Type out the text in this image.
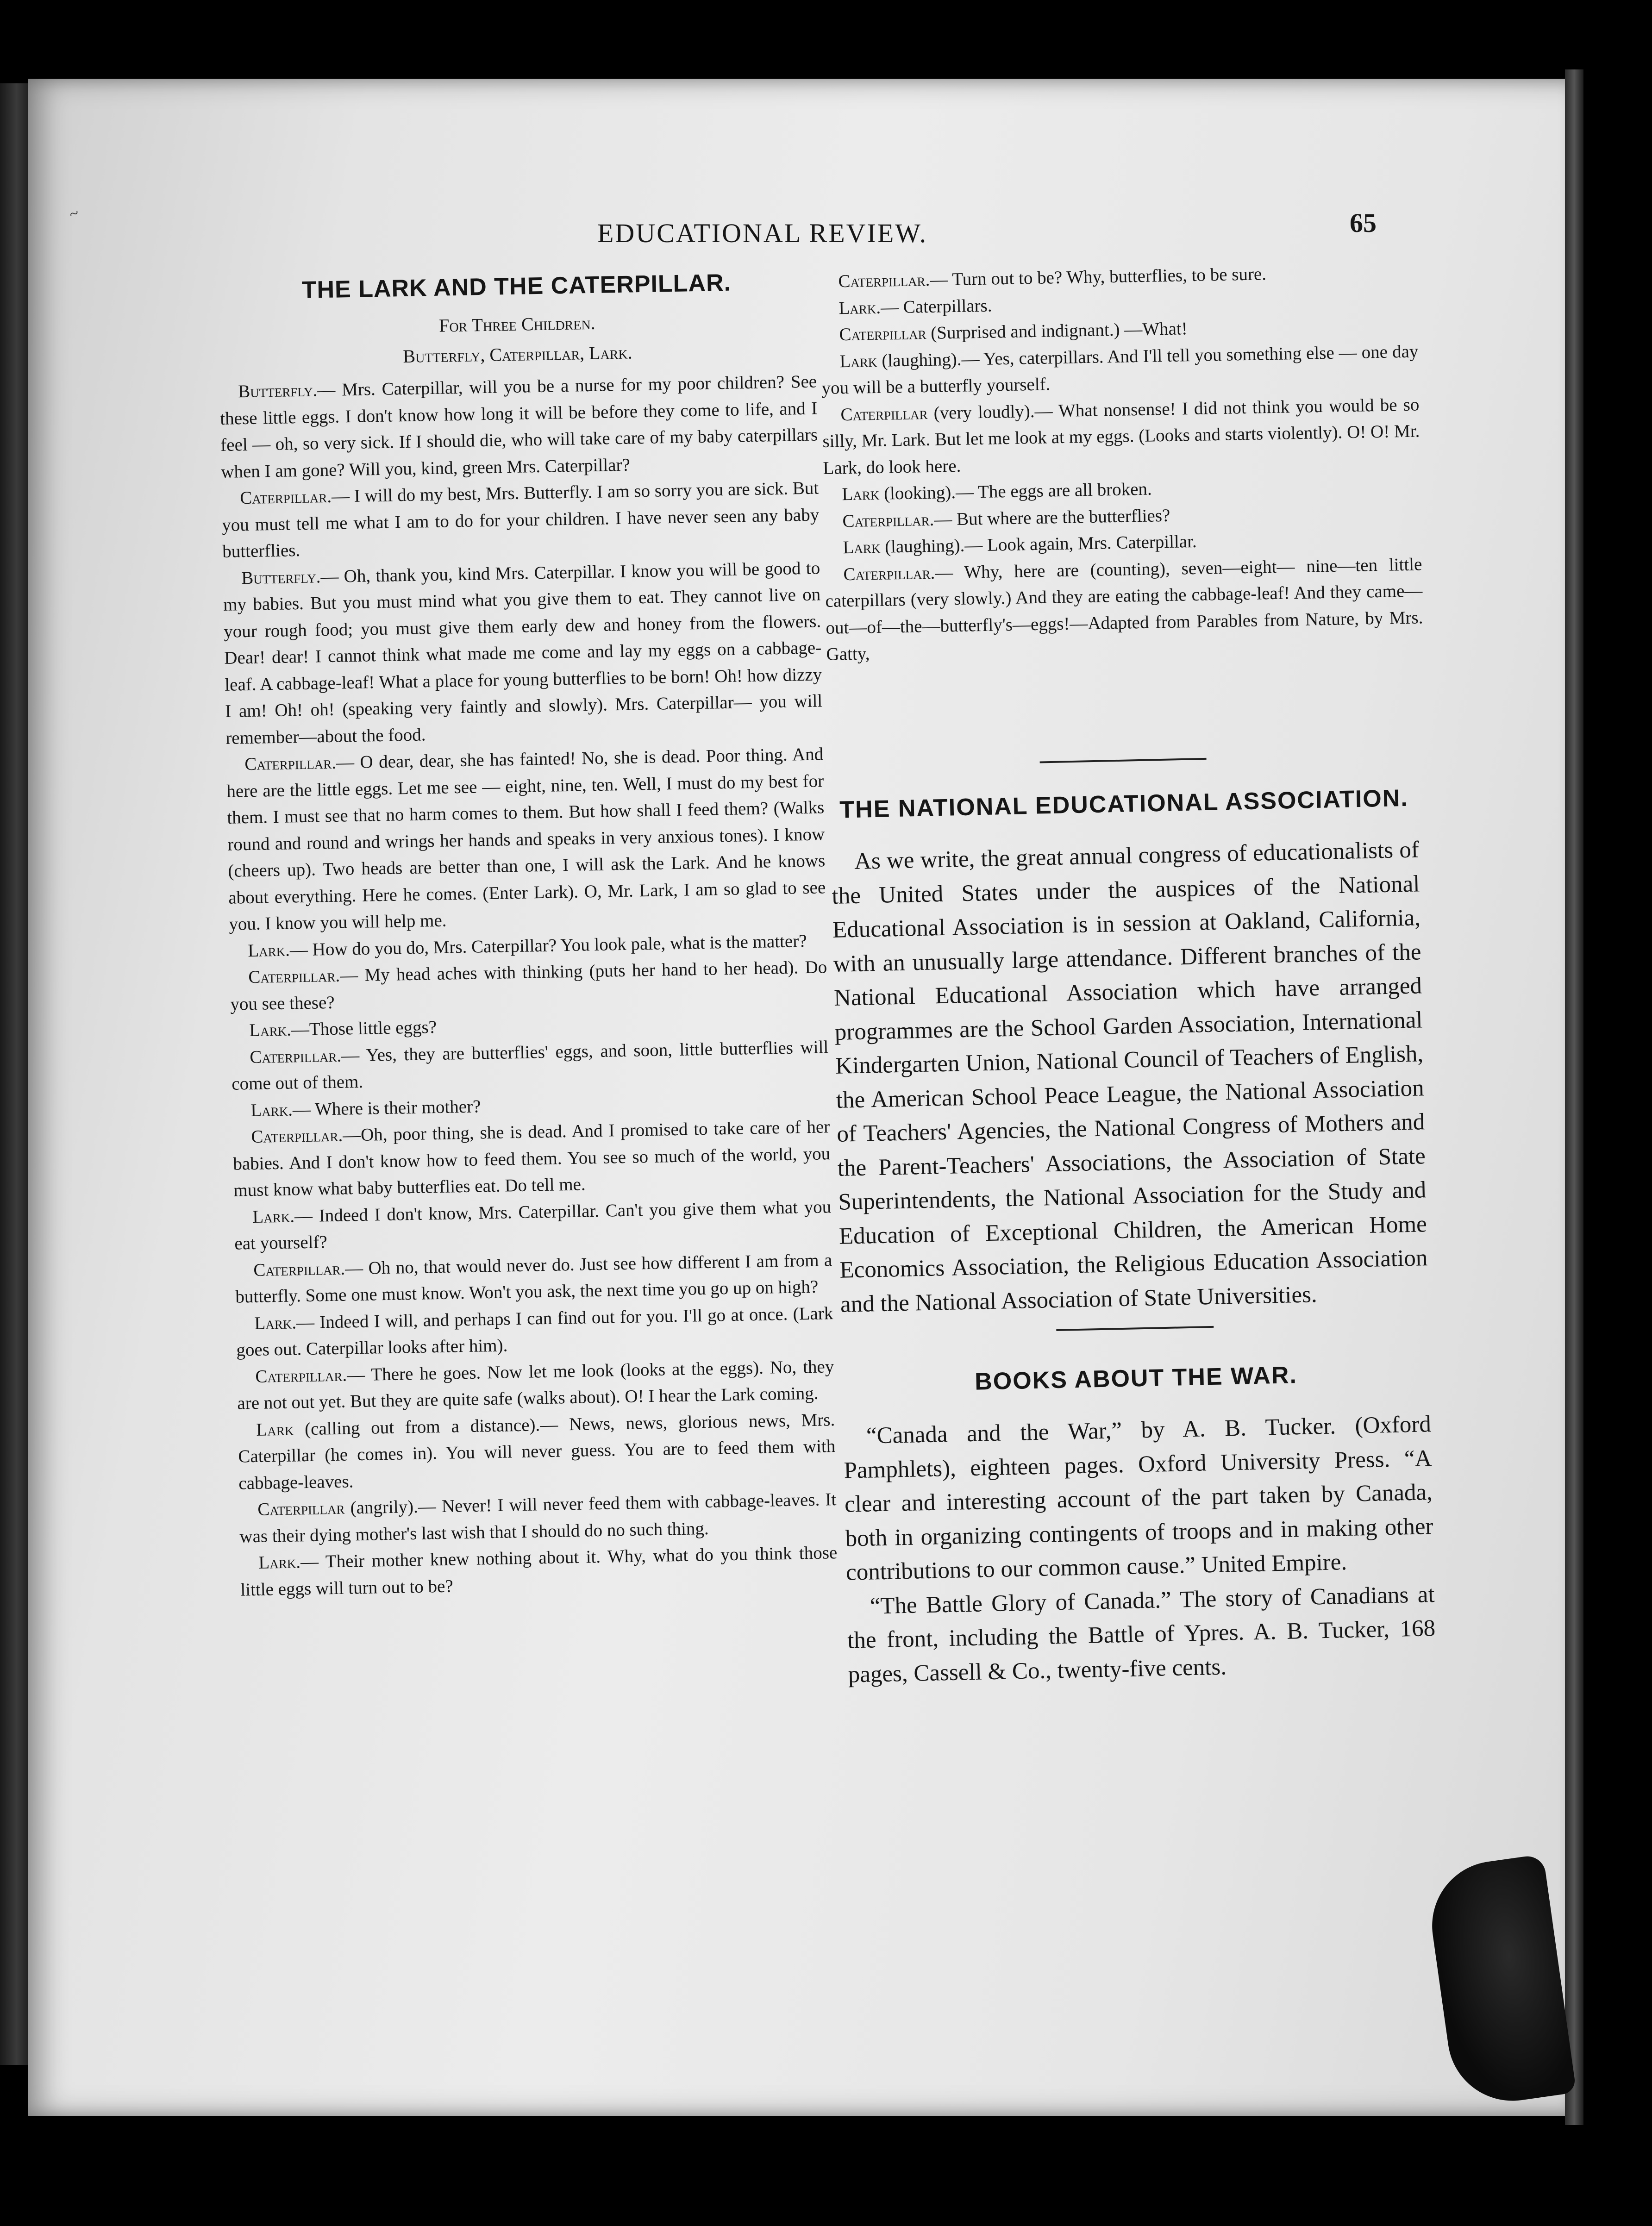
~
EDUCATIONAL REVIEW.	65
THE LARK AND THE CATERPILLAR.
For Three Children.
Butterfly, Caterpillar, Lark.

Butterfly.— Mrs. Caterpillar, will you be a nurse for my poor children? See these little eggs. I don't know how long it will be before they come to life, and I feel — oh, so very sick. If I should die, who will take care of my baby caterpillars when I am gone? Will you, kind, green Mrs. Caterpillar?

Caterpillar.— I will do my best, Mrs. Butterfly. I am so sorry you are sick. But you must tell me what I am to do for your children. I have never seen any baby butterflies.

Butterfly.— Oh, thank you, kind Mrs. Caterpillar. I know you will be good to my babies. But you must mind what you give them to eat. They cannot live on your rough food; you must give them early dew and honey from the flowers. Dear! dear! I cannot think what made me come and lay my eggs on a cabbage-leaf. A cabbage-leaf! What a place for young butterflies to be born! Oh! how dizzy I am! Oh! oh! (speaking very faintly and slowly). Mrs. Caterpillar— you will remember—about the food.

Caterpillar.— O dear, dear, she has fainted! No, she is dead. Poor thing. And here are the little eggs. Let me see — eight, nine, ten. Well, I must do my best for them. I must see that no harm comes to them. But how shall I feed them? (Walks round and round and wrings her hands and speaks in very anxious tones). I know (cheers up). Two heads are better than one, I will ask the Lark. And he knows about everything. Here he comes. (Enter Lark). O, Mr. Lark, I am so glad to see you. I know you will help me.

Lark.— How do you do, Mrs. Caterpillar? You look pale, what is the matter?

Caterpillar.— My head aches with thinking (puts her hand to her head). Do you see these?

Lark.—Those little eggs?

Caterpillar.— Yes, they are butterflies' eggs, and soon, little butterflies will come out of them.

Lark.— Where is their mother?

Caterpillar.—Oh, poor thing, she is dead. And I promised to take care of her babies. And I don't know how to feed them. You see so much of the world, you must know what baby butterflies eat. Do tell me.

Lark.— Indeed I don't know, Mrs. Caterpillar. Can't you give them what you eat yourself?

Caterpillar.— Oh no, that would never do. Just see how different I am from a butterfly. Some one must know. Won't you ask, the next time you go up on high?

Lark.— Indeed I will, and perhaps I can find out for you. I'll go at once. (Lark goes out. Caterpillar looks after him).

Caterpillar.— There he goes. Now let me look (looks at the eggs). No, they are not out yet. But they are quite safe (walks about). O! I hear the Lark coming.

Lark (calling out from a distance).— News, news, glorious news, Mrs. Caterpillar (he comes in). You will never guess. You are to feed them with cabbage-leaves.

Caterpillar (angrily).— Never! I will never feed them with cabbage-leaves. It was their dying mother's last wish that I should do no such thing.

Lark.— Their mother knew nothing about it. Why, what do you think those little eggs will turn out to be?

Caterpillar.— Turn out to be? Why, butterflies, to be sure.

Lark.— Caterpillars.

Caterpillar (Surprised and indignant.) —What!

Lark (laughing).— Yes, caterpillars. And I'll tell you something else — one day you will be a butterfly yourself.

Caterpillar (very loudly).— What nonsense! I did not think you would be so silly, Mr. Lark. But let me look at my eggs. (Looks and starts violently). O! O! Mr. Lark, do look here.

Lark (looking).— The eggs are all broken.

Caterpillar.— But where are the butterflies?

Lark (laughing).— Look again, Mrs. Caterpillar.

Caterpillar.— Why, here are (counting), seven—eight— nine—ten little caterpillars (very slowly.) And they are eating the cabbage-leaf! And they came—out—of—the—butterfly's—eggs!—Adapted from Parables from Nature, by Mrs. Gatty,

THE NATIONAL EDUCATIONAL ASSOCIATION.

As we write, the great annual congress of educationalists of the United States under the auspices of the National Educational Association is in session at Oakland, California, with an unusually large attendance. Different branches of the National Educational Association which have arranged programmes are the School Garden Association, International Kindergarten Union, National Council of Teachers of English, the American School Peace League, the National Association of Teachers' Agencies, the National Congress of Mothers and the Parent-Teachers' Associations, the Association of State Superintendents, the National Association for the Study and Education of Exceptional Children, the American Home Economics Association, the Religious Education Association and the National Association of State Universities.

BOOKS ABOUT THE WAR.

“Canada and the War,” by A. B. Tucker. (Oxford Pamphlets), eighteen pages. Oxford University Press. “A clear and interesting account of the part taken by Canada, both in organizing contingents of troops and in making other contributions to our common cause.” United Empire.

“The Battle Glory of Canada.” The story of Canadians at the front, including the Battle of Ypres. A. B. Tucker, 168 pages, Cassell & Co., twenty-five cents.
